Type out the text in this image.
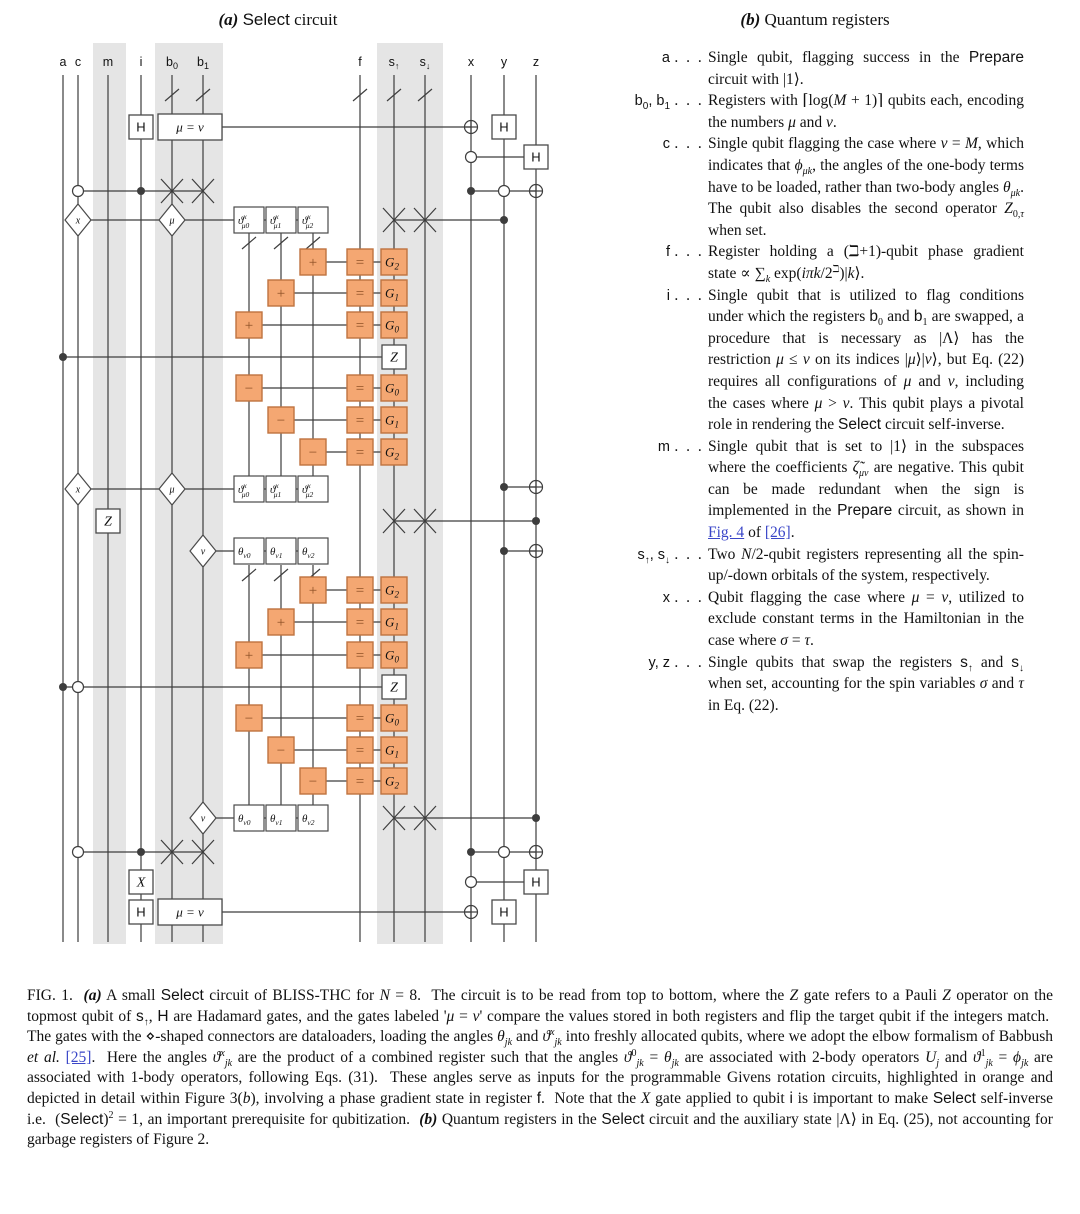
(a) Select circuit	(b) Quantum registers
H μ = ν	H
H
x	μ	$ϑ^x$ μ0 $ϑ^x$ μ1 $ϑ^x$ μ2
+	= $G_2$
+	= $G_1$
+	= $G_0$
Z
−	= $G_0$
−	= $G_1$
−	= $G_2$
x	μ	$ϑ^x$ μ0 $ϑ^x$ μ1 $ϑ^x$ μ2
Z
ν	$\theta_{\nu 0}$ $\theta_{\nu 1}$ $\theta_{\nu 2}$
+	= $G_2$
+	= $G_1$
+	= $G_0$
Z
−	= $G_0$
−	= $G_1$
−	= $G_2$
ν	$\theta_{\nu 0}$ $\theta_{\nu 1}$ $\theta_{\nu 2}$
X	H
H μ = ν	H
a c m i $b_0$ $b_1$	f $s_↑$ $s_↓$	x y z	a . . . Single qubit, flagging success in the Prepare circuit with |1⟩.
$b_0$, $b_1$ . . . Registers with ⌈log(M + 1)⌉ qubits each, encoding the numbers μ and ν.
c . . . Single qubit flagging the case where ν = M, which indicates that $\phi_{\mu k}$, the angles of the one-body terms have to be loaded, rather than two-body angles $\theta_{\mu k}$. The qubit also disables the second operator $Z_{0,\tau}$ when set.
f . . . Register holding a (ℶ+1)-qubit phase gradient state ∝ $\sum_k$ $\exp(i\pi k/2^ℶ)|k⟩$.
i . . . Single qubit that is utilized to flag conditions under which the registers $b_0$ and $b_1$ are swapped, a procedure that is necessary as |Λ⟩ has the restriction μ ≤ ν on its indices |μ⟩|ν⟩, but Eq. (22) requires all configurations of μ and ν, including the cases where μ > ν. This qubit plays a pivotal role in rendering the Select circuit self-inverse.
m . . . Single qubit that is set to |1⟩ in the subspaces where the coefficients $\zetã_{\mu\nu}$ are negative. This qubit can be made redundant when the sign is implemented in the Prepare circuit, as shown in Fig. 4 of [26].
$s_↑$, $s_↓$ . . . Two N/2-qubit registers representing all the spin-up/-down orbitals of the system, respectively.
x . . . Qubit flagging the case where μ = ν, utilized to exclude constant terms in the Hamiltonian in the case where σ = τ.
y, z . . . Single qubits that swap the registers $s_↑$ and $s_↓$ when set, accounting for the spin variables σ and τ in Eq. (22).
FIG. 1.  (a) A small Select circuit of BLISS-THC for N = 8.  The circuit is to be read from top to bottom, where the Z gate refers to a Pauli Z operator on the topmost qubit of $s_↑$, H are Hadamard gates, and the gates labeled 'μ = ν' compare the values stored in both registers and flip the target qubit if the integers match.  The gates with the ⋄-shaped connectors are dataloaders, loading the angles $\theta_{jk}$ and $ϑ^x_{jk}$ into freshly allocated qubits, where we adopt the elbow formalism of Babbush et al. [25].  Here the angles $ϑ^x_{jk}$ are the product of a combined register such that the angles $ϑ^0_{jk} = \theta_{jk}$ are associated with 2-body operators $U_j$ and $ϑ^1_{jk} = \phi_{jk}$ are associated with 1-body operators, following Eqs. (31).  These angles serve as inputs for the programmable Givens rotation circuits, highlighted in orange and depicted in detail within Figure 3(b), involving a phase gradient state in register f.  Note that the X gate applied to qubit i is important to make Select self-inverse i.e.  (Select)$^2$ = 1, an important prerequisite for qubitization.  (b) Quantum registers in the Select circuit and the auxiliary state |Λ⟩ in Eq. (25), not accounting for garbage registers of Figure 2.
